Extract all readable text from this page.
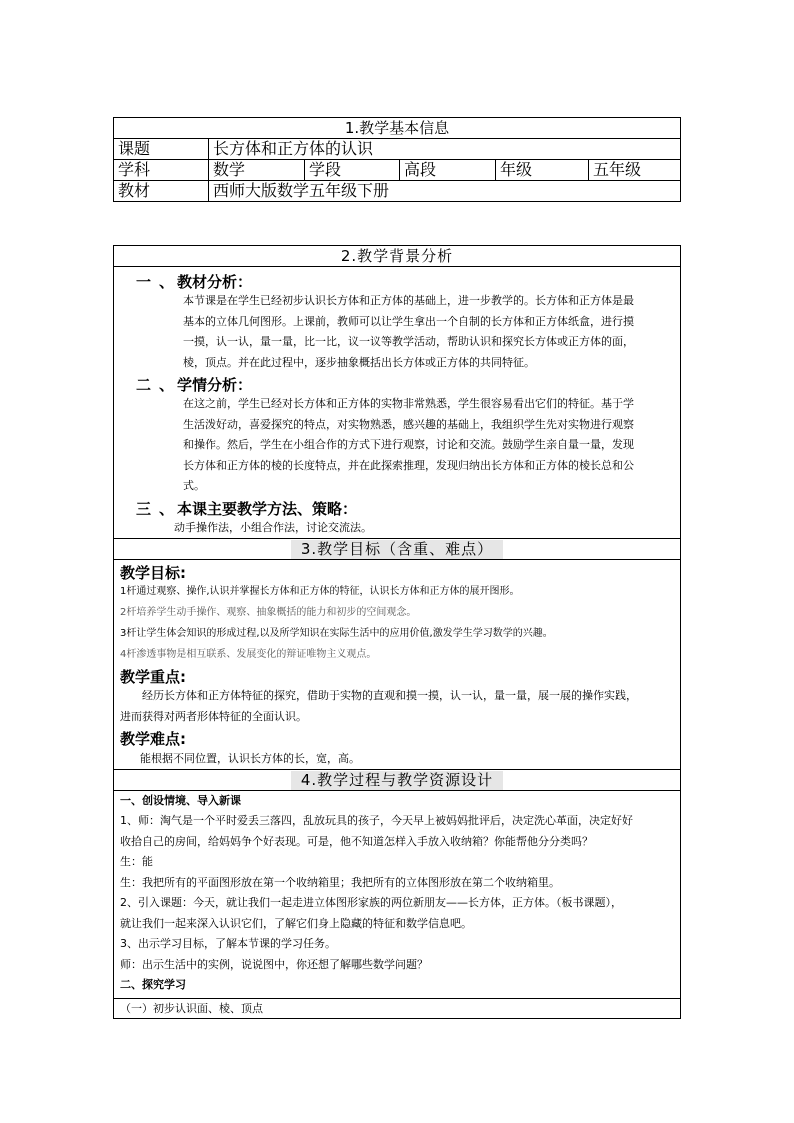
1.教学基本信息					
课题	长方体和正方体的认识				
学科	数学	学段	高段	年级	五年级
教材	西师大版数学五年级下册				
2.教学背景分析
一、
教材分析：
本节课是在学生已经初步认识长方体和正方体的基础上，进一步教学的。长方体和正方体是最
基本的立体几何图形。上课前，教师可以让学生拿出一个自制的长方体和正方体纸盒，进行摸
一摸，认一认，量一量，比一比，议一议等教学活动，帮助认识和探究长方体或正方体的面，
棱，顶点。并在此过程中，逐步抽象概括出长方体或正方体的共同特征。
二、
学情分析：
在这之前，学生已经对长方体和正方体的实物非常熟悉，学生很容易看出它们的特征。基于学
生活泼好动，喜爱探究的特点，对实物熟悉，感兴趣的基础上，我组织学生先对实物进行观察
和操作。然后，学生在小组合作的方式下进行观察，讨论和交流。鼓励学生亲自量一量，发现
长方体和正方体的棱的长度特点，并在此探索推理，发现归纳出长方体和正方体的棱长总和公
式。
三、
本课主要教学方法、策略：
动手操作法，小组合作法，讨论交流法。
3.教学目标（含重、难点）
教学目标:
1​杆通过观察、操作,认识并掌握长方体和正方体的特征，认识长方体和正方体的展开图形。
2杆培养学生动手操作、观察、抽象概括的能力和初步的空间观念。
3杆让学生体会知识的形成过程,以及所学知识在实际生活中的应用价值,激发学生学习数学的兴趣。
4杆渗透事物是相互联系、发展变化的辩证唯物主义观点。
教学重点:
经历长方体和正方体特征的探究，借助于实物的直观和摸一摸，认一认，量一量，展一展的操作实践，
进而获得对两者形体特征的全面认识。
教学难点:
能根据不同位置，认识长方体的长，宽，高。
4.教学过程与教学资源设计
一、创设情境、导入新课
1、师：淘气是一个平时爱丢三落四，乱放玩具的孩子，今天早上被妈妈批评后，决定洗心革面，决定好好
收拾自己的房间，给妈妈争个好表现。可是，他不知道怎样入手放入收纳箱？你能帮他分分类吗？
生：能
生：我把所有的平面图形放在第一个收纳箱里；我把所有的立体图形放在第二个收纳箱里。
2、引入课题：今天，就让我们一起走进立体图形家族的两位新朋友——长方体，正方体。（板书课题），
就让我们一起来深入认识它们，了解它们身上隐藏的特征和数学信息吧。
3、出示学习目标，了解本节课的学习任务。
师：出示生活中的实例，说说图中，你还想了解哪些数学问题？
二、探究学习
（一）初步认识面、棱、顶点
